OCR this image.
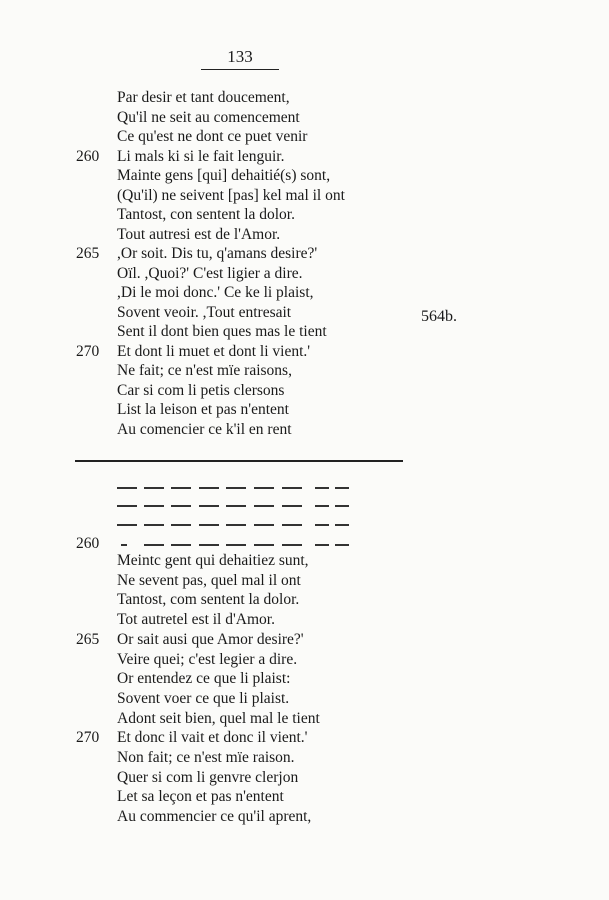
133
Par desir et tant doucement,
Qu'il ne seit au comencement
Ce qu'est ne dont ce puet venir
260	Li mals ki si le fait lenguir.
Mainte gens [qui] dehaitié(s) sont,
(Qu'il) ne seivent [pas] kel mal il ont
Tantost, con sentent la dolor.
Tout autresi est de l'Amor.
265	,Or soit. Dis tu, q'amans desire?'
Oïl. ,Quoi?' C'est ligier a dire.
,Di le moi donc.' Ce ke li plaist,
Sovent veoir. ,Tout entresait
Sent il dont bien ques mas le tient
270	Et dont li muet et dont li vient.'
Ne fait; ce n'est mïe raisons,
Car si com li petis clersons
List la leison et pas n'entent
Au comencier ce k'il en rent
564b.
260
Meintc gent qui dehaitiez sunt,
Ne sevent pas, quel mal il ont
Tantost, com sentent la dolor.
Tot autretel est il d'Amor.
265	Or sait ausi que Amor desire?'
Veire quei; c'est legier a dire.
Or entendez ce que li plaist:
Sovent voer ce que li plaist.
Adont seit bien, quel mal le tient
270	Et donc il vait et donc il vient.'
Non fait; ce n'est mïe raison.
Quer si com li genvre clerjon
Let sa leçon et pas n'entent
Au commencier ce qu'il aprent,
